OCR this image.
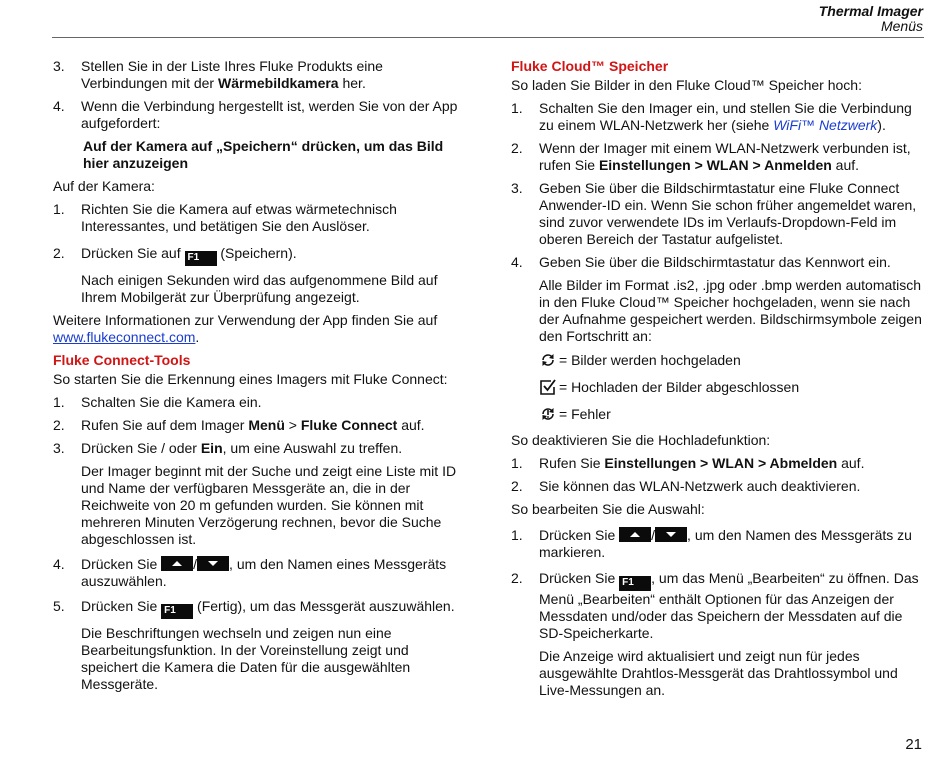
Thermal Imager
Menüs
3. Stellen Sie in der Liste Ihres Fluke Produkts eine Verbindungen mit der Wärmebildkamera her.
4. Wenn die Verbindung hergestellt ist, werden Sie von der App aufgefordert:
Auf der Kamera auf „Speichern“ drücken, um das Bild hier anzuzeigen
Auf der Kamera:
1. Richten Sie die Kamera auf etwas wärmetechnisch Interessantes, und betätigen Sie den Auslöser.
2. Drücken Sie auf F1 (Speichern).
Nach einigen Sekunden wird das aufgenommene Bild auf Ihrem Mobilgerät zur Überprüfung angezeigt.
Weitere Informationen zur Verwendung der App finden Sie auf www.flukeconnect.com.
Fluke Connect-Tools
So starten Sie die Erkennung eines Imagers mit Fluke Connect:
1. Schalten Sie die Kamera ein.
2. Rufen Sie auf dem Imager Menü > Fluke Connect auf.
3. Drücken Sie / oder Ein, um eine Auswahl zu treffen.
Der Imager beginnt mit der Suche und zeigt eine Liste mit ID und Name der verfügbaren Messgeräte an, die in der Reichweite von 20 m gefunden wurden. Sie können mit mehreren Minuten Verzögerung rechnen, bevor die Suche abgeschlossen ist.
4. Drücken Sie
/ , um den Namen eines Messgeräts auszuwählen.
5. Drücken Sie F1 (Fertig), um das Messgerät auszuwählen.
Die Beschriftungen wechseln und zeigen nun eine Bearbeitungsfunktion. In der Voreinstellung zeigt und speichert die Kamera die Daten für die ausgewählten Messgeräte.
Fluke Cloud™ Speicher
So laden Sie Bilder in den Fluke Cloud™ Speicher hoch:
1. Schalten Sie den Imager ein, und stellen Sie die Verbindung zu einem WLAN-Netzwerk her (siehe WiFi™ Netzwerk).
2. Wenn der Imager mit einem WLAN-Netzwerk verbunden ist, rufen Sie Einstellungen > WLAN > Anmelden auf.
3. Geben Sie über die Bildschirmtastatur eine Fluke Connect Anwender-ID ein. Wenn Sie schon früher angemeldet waren, sind zuvor verwendete IDs im Verlaufs-Dropdown-Feld im oberen Bereich der Tastatur aufgelistet.
4. Geben Sie über die Bildschirmtastatur das Kennwort ein.
Alle Bilder im Format .is2, .jpg oder .bmp werden automatisch in den Fluke Cloud™ Speicher hochgeladen, wenn sie nach der Aufnahme gespeichert werden. Bildschirmsymbole zeigen den Fortschritt an:
= Bilder werden hochgeladen
= Hochladen der Bilder abgeschlossen
= Fehler
So deaktivieren Sie die Hochladefunktion:
1. Rufen Sie Einstellungen > WLAN > Abmelden auf.
2. Sie können das WLAN-Netzwerk auch deaktivieren.
So bearbeiten Sie die Auswahl:
1. Drücken Sie
/ , um den Namen des Messgeräts zu markieren.
2. Drücken Sie F1 , um das Menü „Bearbeiten“ zu öffnen. Das Menü „Bearbeiten“ enthält Optionen für das Anzeigen der Messdaten und/oder das Speichern der Messdaten auf die SD-Speicherkarte.
Die Anzeige wird aktualisiert und zeigt nun für jedes ausgewählte Drahtlos-Messgerät das Drahtlossymbol und Live-Messungen an.
21
